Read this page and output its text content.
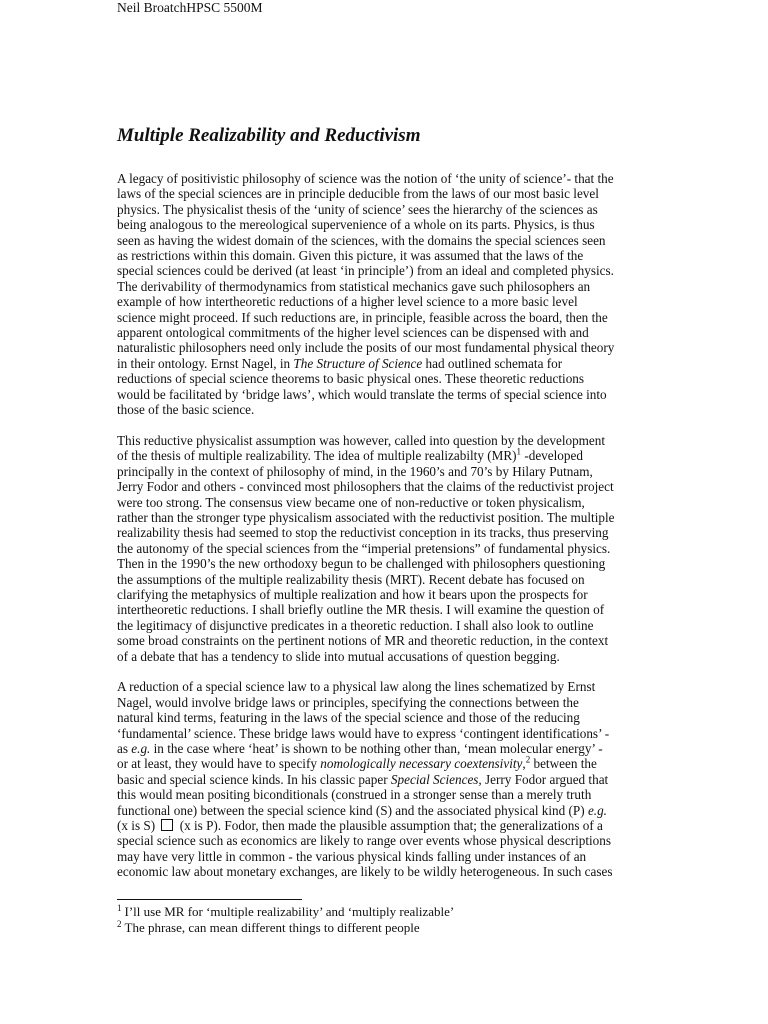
Neil BroatchHPSC 5500M
Multiple Realizability and Reductivism
A legacy of positivistic philosophy of science was the notion of ‘the unity of science’- that the
laws of the special sciences are in principle deducible from the laws of our most basic level
physics. The physicalist thesis of the ‘unity of science’ sees the hierarchy of the sciences as
being analogous to the mereological supervenience of a whole on its parts. Physics, is thus
seen as having the widest domain of the sciences, with the domains the special sciences seen
as restrictions within this domain. Given this picture, it was assumed that the laws of the
special sciences could be derived (at least ‘in principle’) from an ideal and completed physics.
The derivability of thermodynamics from statistical mechanics gave such philosophers an
example of how intertheoretic reductions of a higher level science to a more basic level
science might proceed. If such reductions are, in principle, feasible across the board, then the
apparent ontological commitments of the higher level sciences can be dispensed with and
naturalistic philosophers need only include the posits of our most fundamental physical theory
in their ontology. Ernst Nagel, in The Structure of Science had outlined schemata for
reductions of special science theorems to basic physical ones. These theoretic reductions
would be facilitated by ‘bridge laws’, which would translate the terms of special science into
those of the basic science.
This reductive physicalist assumption was however, called into question by the development
of the thesis of multiple realizability. The idea of multiple realizabilty (MR)$^1$ -developed
principally in the context of philosophy of mind, in the 1960’s and 70’s by Hilary Putnam,
Jerry Fodor and others - convinced most philosophers that the claims of the reductivist project
were too strong. The consensus view became one of non-reductive or token physicalism,
rather than the stronger type physicalism associated with the reductivist position. The multiple
realizability thesis had seemed to stop the reductivist conception in its tracks, thus preserving
the autonomy of the special sciences from the “imperial pretensions” of fundamental physics.
Then in the 1990’s the new orthodoxy begun to be challenged with philosophers questioning
the assumptions of the multiple realizability thesis (MRT). Recent debate has focused on
clarifying the metaphysics of multiple realization and how it bears upon the prospects for
intertheoretic reductions. I shall briefly outline the MR thesis. I will examine the question of
the legitimacy of disjunctive predicates in a theoretic reduction. I shall also look to outline
some broad constraints on the pertinent notions of MR and theoretic reduction, in the context
of a debate that has a tendency to slide into mutual accusations of question begging.
A reduction of a special science law to a physical law along the lines schematized by Ernst
Nagel, would involve bridge laws or principles, specifying the connections between the
natural kind terms, featuring in the laws of the special science and those of the reducing
‘fundamental’ science. These bridge laws would have to express ‘contingent identifications’ -
as e.g. in the case where ‘heat’ is shown to be nothing other than, ‘mean molecular energy’ -
or at least, they would have to specify nomologically necessary coextensivity,$^2$ between the
basic and special science kinds. In his classic paper Special Sciences, Jerry Fodor argued that
this would mean positing biconditionals (construed in a stronger sense than a merely truth
functional one) between the special science kind (S) and the associated physical kind (P) e.g.
(x is S)  (x is P). Fodor, then made the plausible assumption that; the generalizations of a
special science such as economics are likely to range over events whose physical descriptions
may have very little in common - the various physical kinds falling under instances of an
economic law about monetary exchanges, are likely to be wildly heterogeneous. In such cases

$^1$ I’ll use MR for ‘multiple realizability’ and ‘multiply realizable’

$^2$ The phrase, can mean different things to different people
